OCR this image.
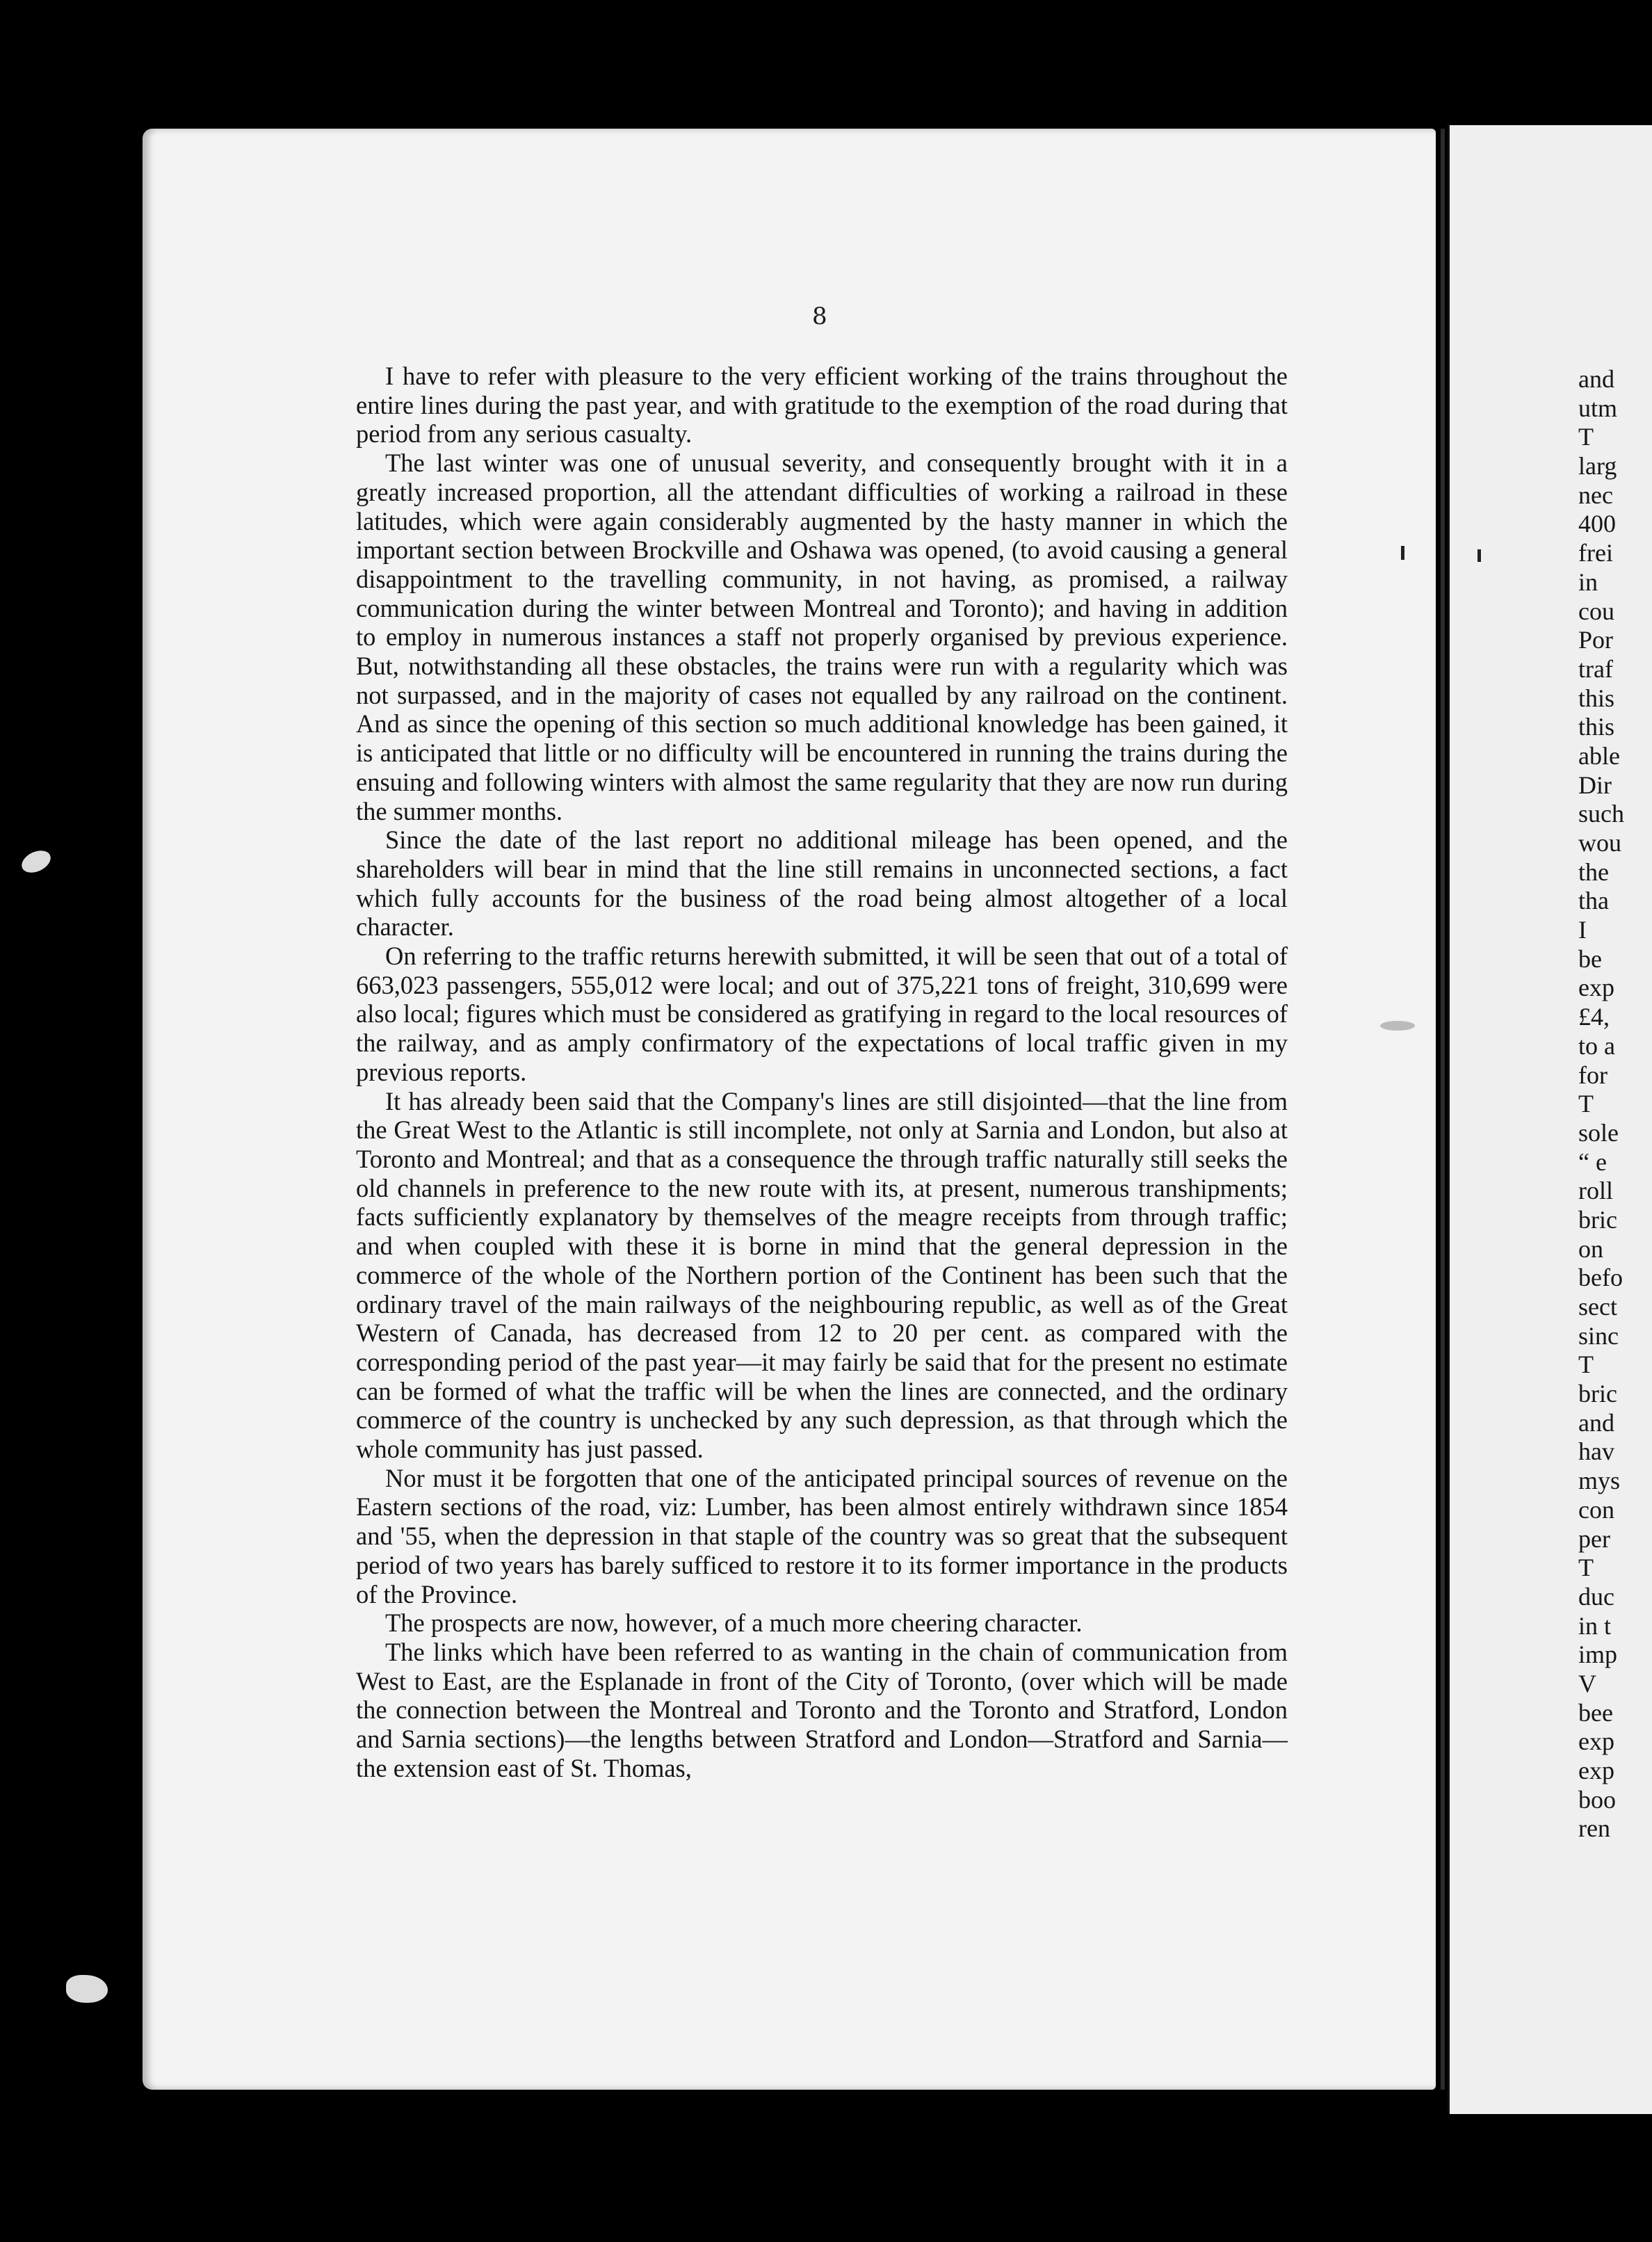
8

I have to refer with pleasure to the very efficient working of the trains throughout the entire lines during the past year, and with gratitude to the exemption of the road during that period from any serious casualty.

The last winter was one of unusual severity, and consequently brought with it in a greatly increased proportion, all the attendant difficulties of working a railroad in these latitudes, which were again considerably augmented by the hasty manner in which the important section between Brockville and Oshawa was opened, (to avoid causing a general disappointment to the travelling community, in not having, as promised, a railway communication during the winter between Montreal and Toronto); and having in addition to employ in numerous instances a staff not properly organised by previous experience. But, notwithstanding all these obstacles, the trains were run with a regularity which was not surpassed, and in the majority of cases not equalled by any railroad on the continent. And as since the opening of this section so much additional knowledge has been gained, it is anticipated that little or no difficulty will be encountered in running the trains during the ensuing and following winters with almost the same regularity that they are now run during the summer months.

Since the date of the last report no additional mileage has been opened, and the shareholders will bear in mind that the line still remains in unconnected sections, a fact which fully accounts for the business of the road being almost altogether of a local character.

On referring to the traffic returns herewith submitted, it will be seen that out of a total of 663,023 passengers, 555,012 were local; and out of 375,221 tons of freight, 310,699 were also local; figures which must be considered as gratifying in regard to the local resources of the railway, and as amply confirmatory of the expectations of local traffic given in my previous reports.

It has already been said that the Company's lines are still disjointed—that the line from the Great West to the Atlantic is still incomplete, not only at Sarnia and London, but also at Toronto and Montreal; and that as a consequence the through traffic naturally still seeks the old channels in preference to the new route with its, at present, numerous transhipments; facts sufficiently explanatory by themselves of the meagre receipts from through traffic; and when coupled with these it is borne in mind that the general depression in the commerce of the whole of the Northern portion of the Continent has been such that the ordinary travel of the main railways of the neighbouring republic, as well as of the Great Western of Canada, has decreased from 12 to 20 per cent. as compared with the corresponding period of the past year—it may fairly be said that for the present no estimate can be formed of what the traffic will be when the lines are connected, and the ordinary commerce of the country is unchecked by any such depression, as that through which the whole community has just passed.

Nor must it be forgotten that one of the anticipated principal sources of revenue on the Eastern sections of the road, viz: Lumber, has been almost entirely withdrawn since 1854 and '55, when the depression in that staple of the country was so great that the subsequent period of two years has barely sufficed to restore it to its former importance in the products of the Province.

The prospects are now, however, of a much more cheering character.

The links which have been referred to as wanting in the chain of communication from West to East, are the Esplanade in front of the City of Toronto, (over which will be made the connection between the Montreal and Toronto and the Toronto and Stratford, London and Sarnia sections)—the lengths between Stratford and London—Stratford and Sarnia—the extension east of St. Thomas,

and
utm
T
larg
nec
400
frei
in
cou
Por
traf
this
this
able
Dir
such
wou
the
tha
I
be
exp
£4,
to a
for
T
sole
“ e
roll
bric
on
befo
sect
sinc
T
bric
and
hav
mys
con
per
T
duc
in t
imp
V
bee
exp
exp
boo
ren
